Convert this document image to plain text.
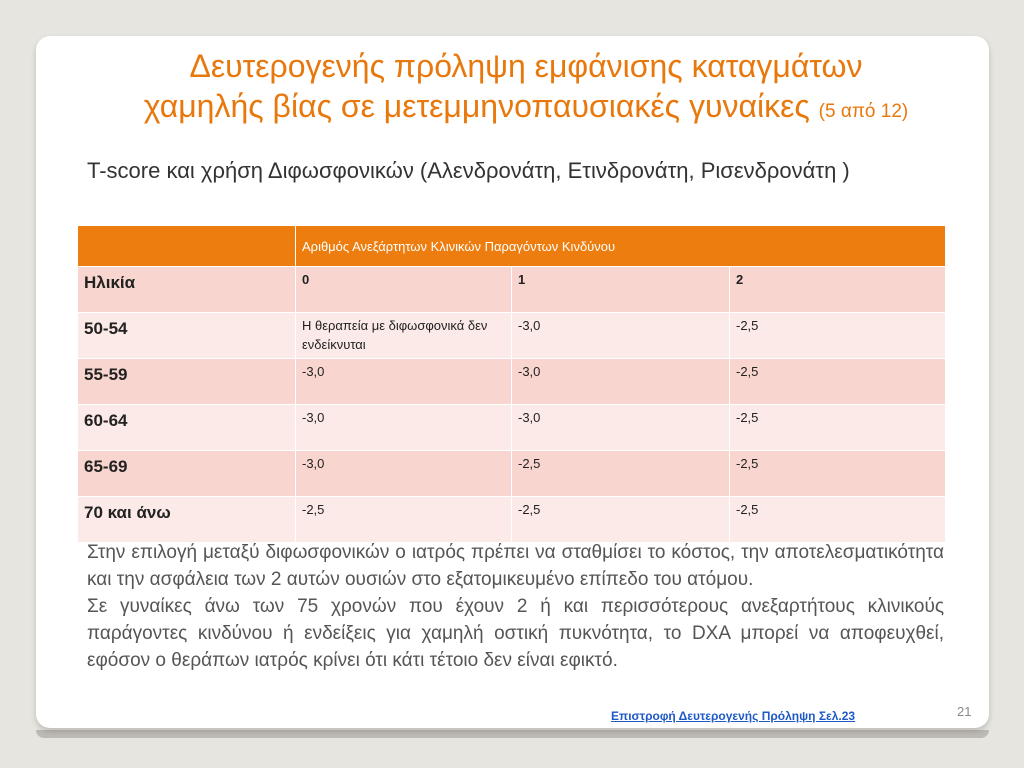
Δευτερογενής πρόληψη εμφάνισης καταγμάτων
χαμηλής βίας σε μετεμμηνοπαυσιακές γυναίκες (5 από 12)
T-score και χρήση Διφωσφονικών (Αλενδρονάτη, Ετινδρονάτη, Ρισενδρονάτη )
	Αριθμός Ανεξάρτητων Κλινικών Παραγόντων Κινδύνου		
Ηλικία	0	1	2
50-54	Η θεραπεία με διφωσφονικά δεν ενδείκνυται	-3,0	-2,5
55-59	-3,0	-3,0	-2,5
60-64	-3,0	-3,0	-2,5
65-69	-3,0	-2,5	-2,5
70 και άνω	-2,5	-2,5	-2,5

Στην επιλογή μεταξύ διφωσφονικών ο ιατρός πρέπει να σταθμίσει το κόστος, την αποτελεσματικότητα και την ασφάλεια των 2 αυτών ουσιών στο εξατομικευμένο επίπεδο του ατόμου.

Σε γυναίκες άνω των 75 χρονών που έχουν 2 ή και περισσότερους ανεξαρτήτους κλινικούς παράγοντες κινδύνου ή ενδείξεις για χαμηλή οστική πυκνότητα, το DXA μπορεί να αποφευχθεί, εφόσον ο θεράπων ιατρός κρίνει ότι κάτι τέτοιο δεν είναι εφικτό.

Επιστροφή Δευτερογενής Πρόληψη Σελ.23	21
